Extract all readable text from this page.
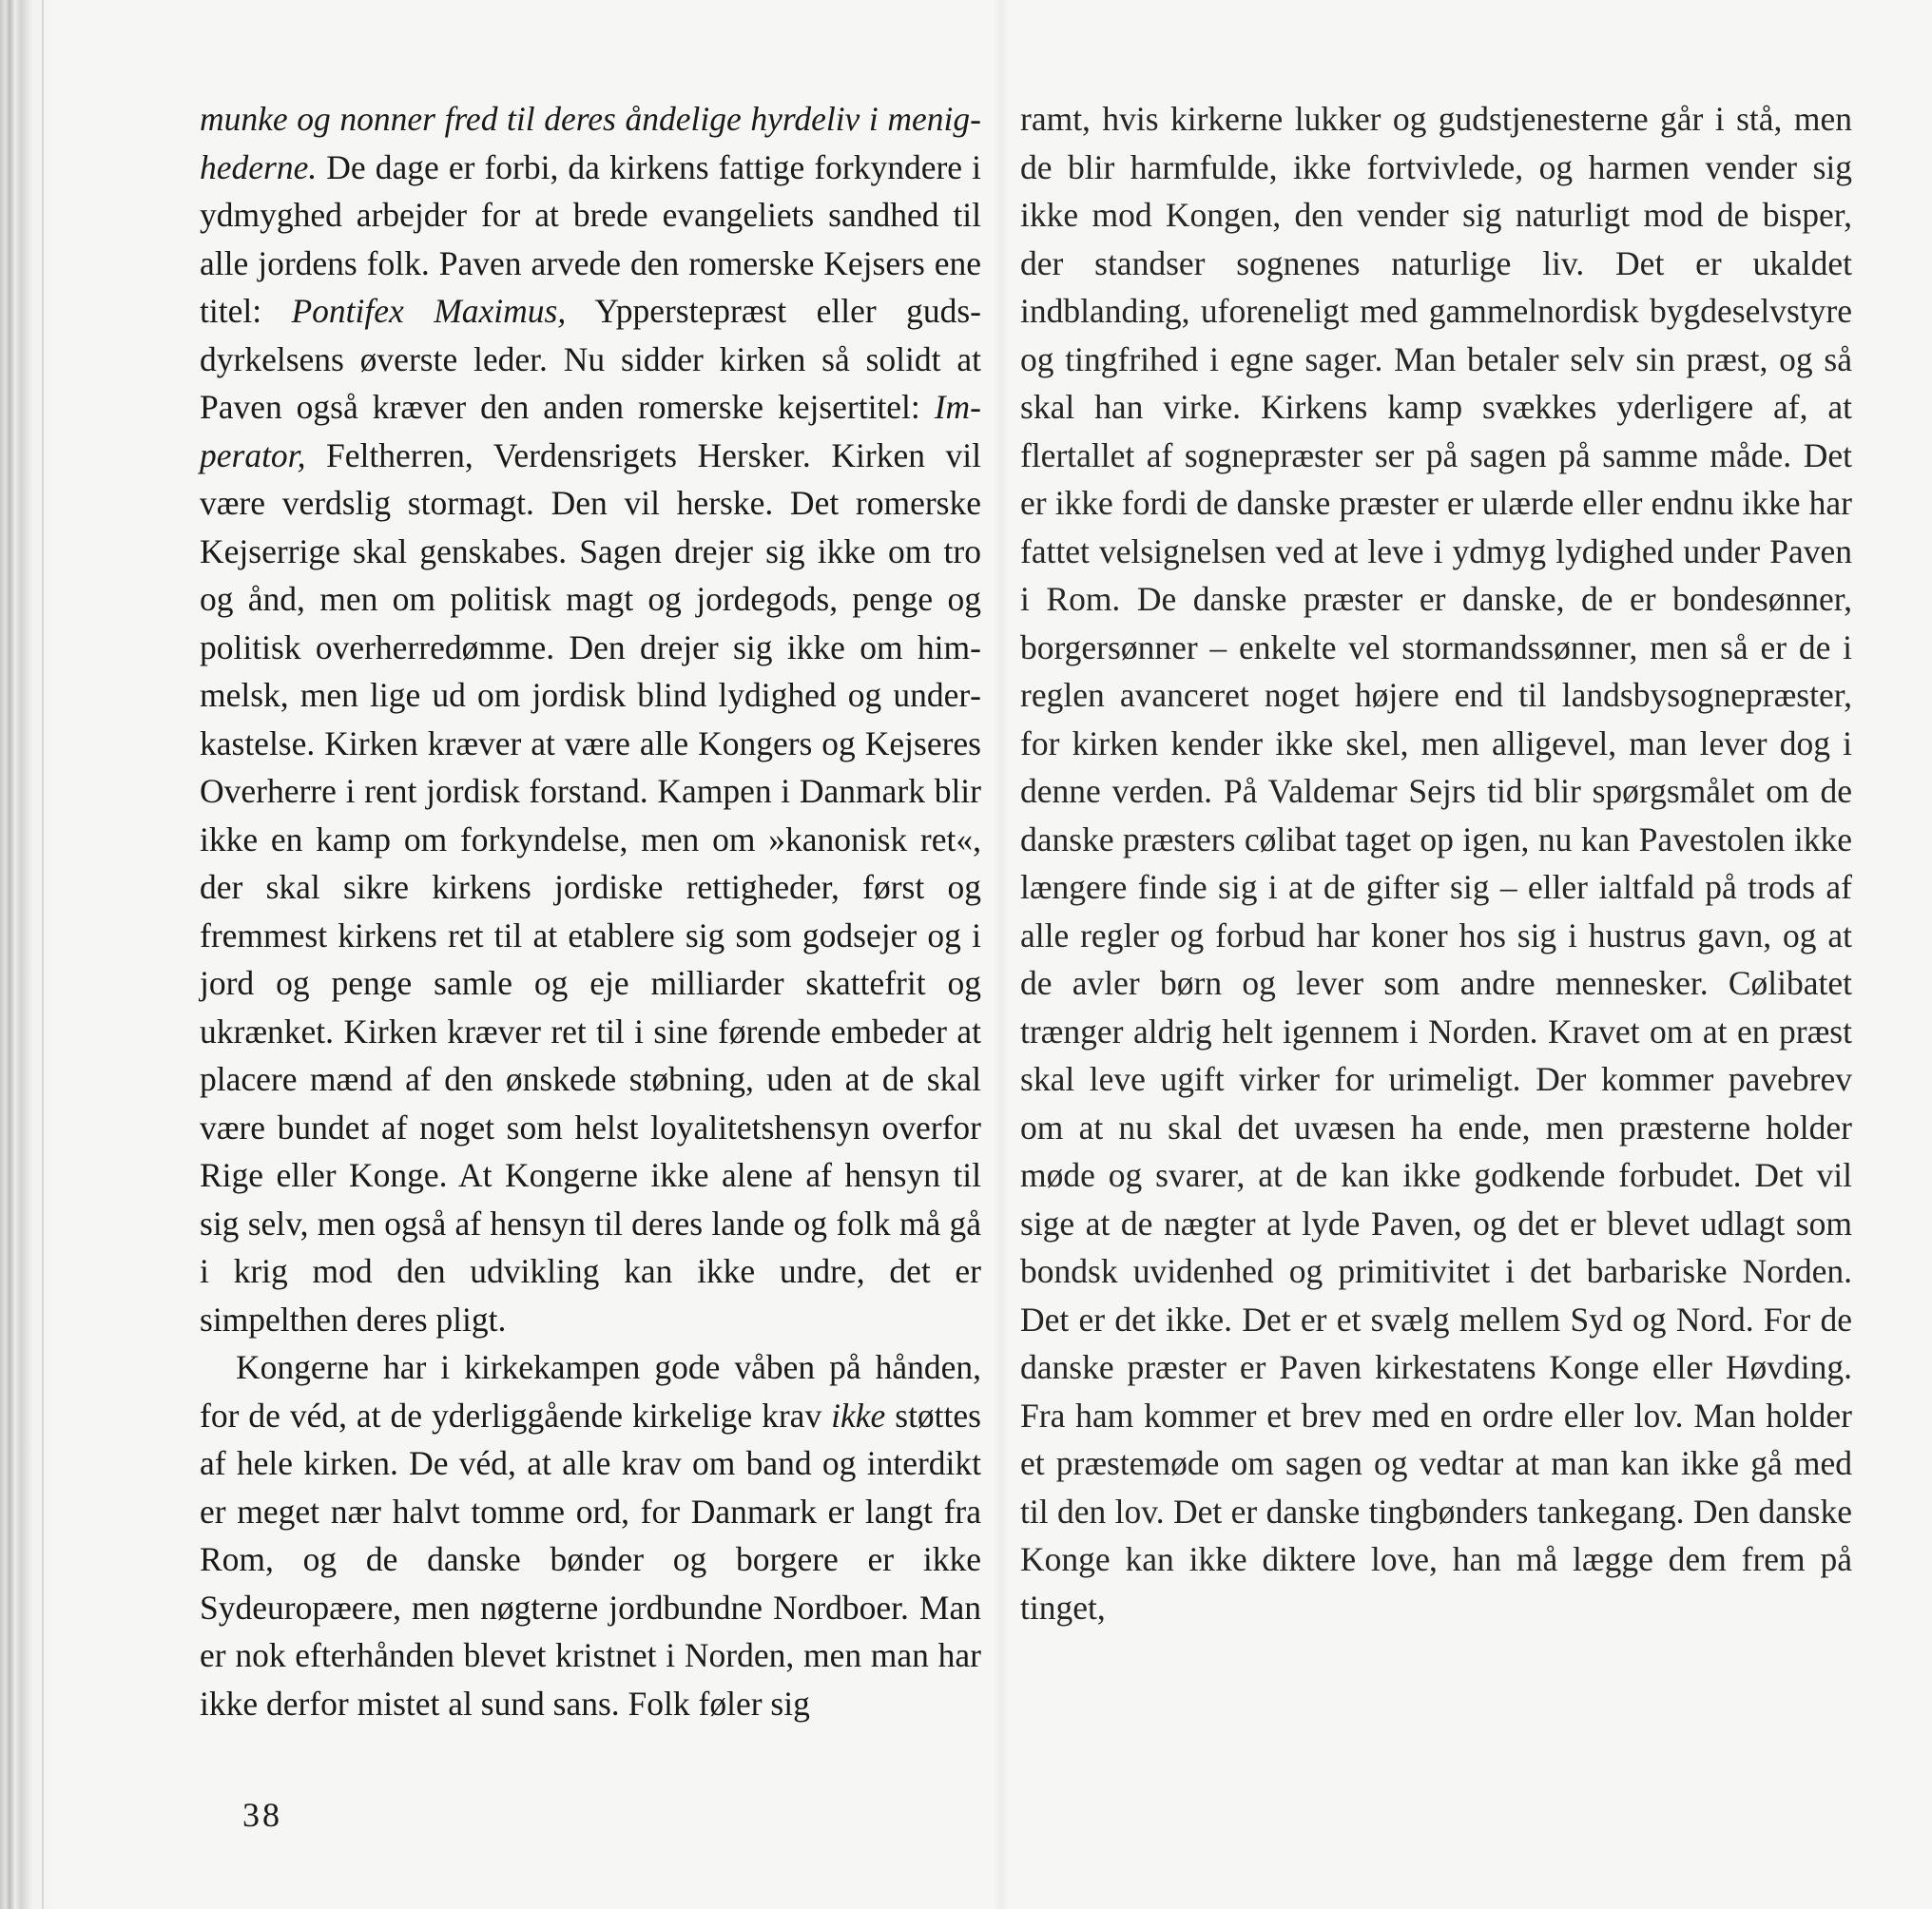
munke og nonner fred til deres åndelige hyrdeliv i menighederne. De dage er forbi, da kirkens fattige forkyndere i ydmyghed arbejder for at brede evangeliets sandhed til alle jordens folk. Paven arvede den romerske Kejsers ene titel: Pontifex Maximus, Ypperstepræst eller gudsdyrkelsens øverste leder. Nu sidder kirken så solidt at Paven også kræver den anden romerske kejsertitel: Imperator, Feltherren, Verdensrigets Hersker. Kirken vil være verdslig stormagt. Den vil herske. Det romerske Kejserrige skal genskabes. Sagen drejer sig ikke om tro og ånd, men om politisk magt og jordegods, penge og politisk overherredømme. Den drejer sig ikke om himmelsk, men lige ud om jordisk blind lydighed og underkastelse. Kirken kræver at være alle Kongers og Kejseres Overherre i rent jordisk forstand. Kampen i Danmark blir ikke en kamp om forkyndelse, men om »kanonisk ret«, der skal sikre kirkens jordiske rettigheder, først og fremmest kirkens ret til at etablere sig som godsejer og i jord og penge samle og eje milliarder skattefrit og ukrænket. Kirken kræver ret til i sine førende embeder at placere mænd af den ønskede støbning, uden at de skal være bundet af noget som helst loyalitetshensyn overfor Rige eller Konge. At Kongerne ikke alene af hensyn til sig selv, men også af hensyn til deres lande og folk må gå i krig mod den udvikling kan ikke undre, det er simpelthen deres pligt.

Kongerne har i kirkekampen gode våben på hånden, for de véd, at de yderliggående kirkelige krav ikke støttes af hele kirken. De véd, at alle krav om band og interdikt er meget nær halvt tomme ord, for Danmark er langt fra Rom, og de danske bønder og borgere er ikke Sydeuropæere, men nøgterne jordbundne Nordboer. Man er nok efterhånden blevet kristnet i Norden, men man har ikke derfor mistet al sund sans. Folk føler sig

ramt, hvis kirkerne lukker og gudstjenesterne går i stå, men de blir harmfulde, ikke fortvivlede, og harmen vender sig ikke mod Kongen, den vender sig naturligt mod de bisper, der standser sognenes naturlige liv. Det er ukaldet indblanding, uforeneligt med gammelnordisk bygdeselvstyre og tingfrihed i egne sager. Man betaler selv sin præst, og så skal han virke. Kirkens kamp svækkes yderligere af, at flertallet af sognepræster ser på sagen på samme måde. Det er ikke fordi de danske præster er ulærde eller endnu ikke har fattet velsignelsen ved at leve i ydmyg lydighed under Paven i Rom. De danske præster er danske, de er bondesønner, borgersønner – enkelte vel stormandssønner, men så er de i reglen avanceret noget højere end til landsbysognepræster, for kirken kender ikke skel, men alligevel, man lever dog i denne verden. På Valdemar Sejrs tid blir spørgsmålet om de danske præsters cølibat taget op igen, nu kan Pavestolen ikke længere finde sig i at de gifter sig – eller ialtfald på trods af alle regler og forbud har koner hos sig i hustrus gavn, og at de avler børn og lever som andre mennesker. Cølibatet trænger aldrig helt igennem i Norden. Kravet om at en præst skal leve ugift virker for urimeligt. Der kommer pavebrev om at nu skal det uvæsen ha ende, men præsterne holder møde og svarer, at de kan ikke godkende forbudet. Det vil sige at de nægter at lyde Paven, og det er blevet udlagt som bondsk uvidenhed og primitivitet i det barbariske Norden. Det er det ikke. Det er et svælg mellem Syd og Nord. For de danske præster er Paven kirkestatens Konge eller Høvding. Fra ham kommer et brev med en ordre eller lov. Man holder et præstemøde om sagen og vedtar at man kan ikke gå med til den lov. Det er danske tingbønders tankegang. Den danske Konge kan ikke diktere love, han må lægge dem frem på tinget,

38
